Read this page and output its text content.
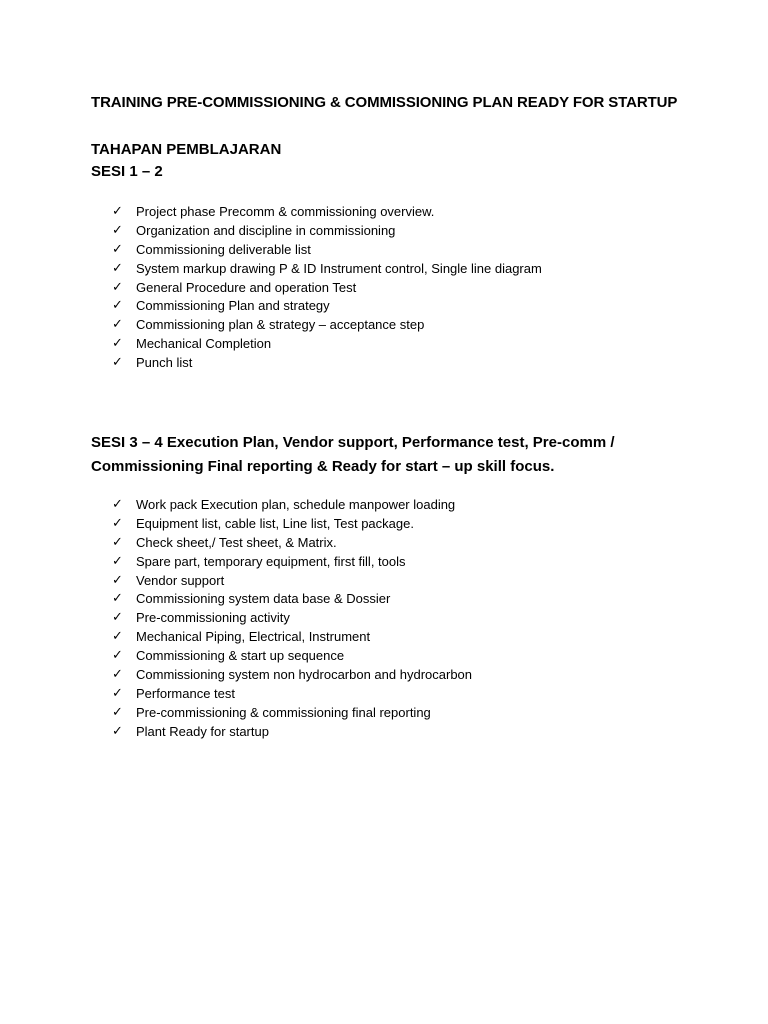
TRAINING PRE-COMMISSIONING & COMMISSIONING PLAN READY FOR STARTUP
TAHAPAN PEMBLAJARAN
SESI 1 – 2
✓	Project phase Precomm & commissioning overview.
✓	Organization and discipline in commissioning
✓	Commissioning deliverable list
✓	System markup drawing P & ID Instrument control, Single line diagram
✓	General Procedure and operation Test
✓	Commissioning Plan and strategy
✓	Commissioning plan & strategy – acceptance step
✓	Mechanical Completion
✓	Punch list
SESI 3 – 4 Execution Plan, Vendor support, Performance test, Pre-comm /
Commissioning Final reporting & Ready for start – up skill focus.
✓	Work pack Execution plan, schedule manpower loading
✓	Equipment list, cable list, Line list, Test package.
✓	Check sheet,/ Test sheet, & Matrix.
✓	Spare part, temporary equipment, first fill, tools
✓	Vendor support
✓	Commissioning system data base & Dossier
✓	Pre-commissioning activity
✓	Mechanical Piping, Electrical, Instrument
✓	Commissioning & start up sequence
✓	Commissioning system non hydrocarbon and hydrocarbon
✓	Performance test
✓	Pre-commissioning & commissioning final reporting
✓	Plant Ready for startup
